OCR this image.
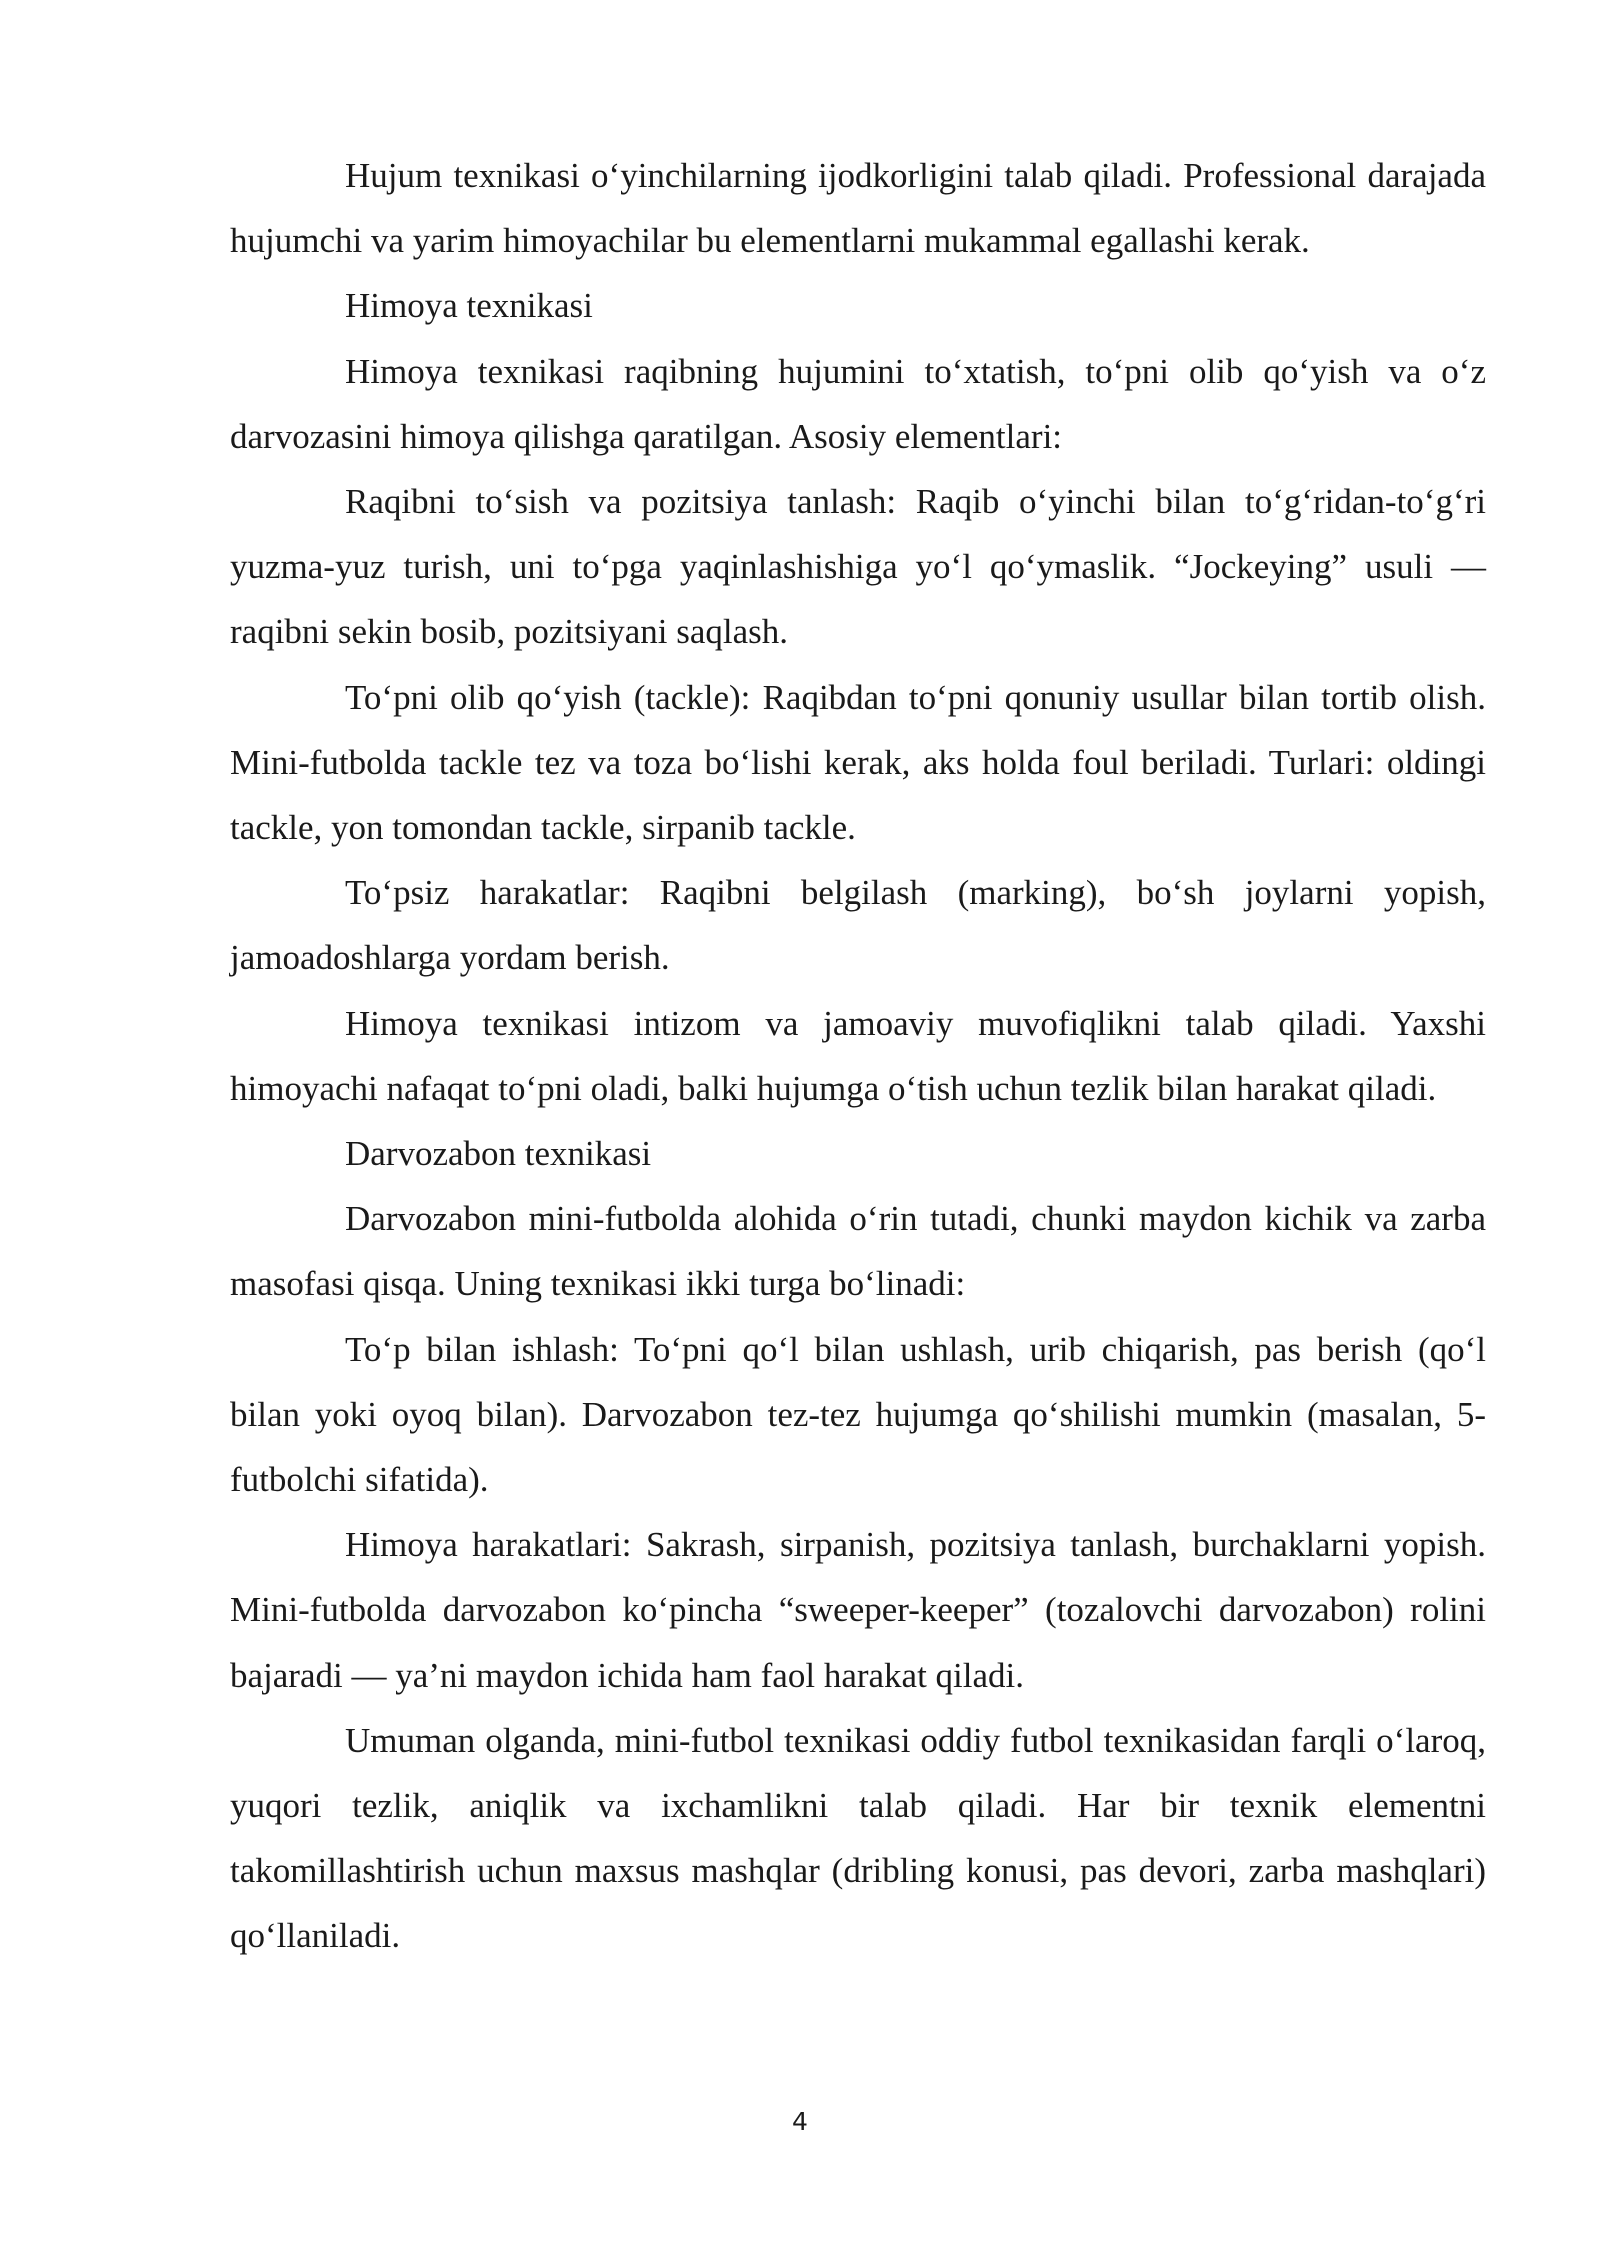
Hujum texnikasi o‘yinchilarning ijodkorligini talab qiladi. Professional darajada hujumchi va yarim himoyachilar bu elementlarni mukammal egallashi kerak.

Himoya texnikasi

Himoya texnikasi raqibning hujumini to‘xtatish, to‘pni olib qo‘yish va o‘z darvozasini himoya qilishga qaratilgan. Asosiy elementlari:

Raqibni to‘sish va pozitsiya tanlash: Raqib o‘yinchi bilan to‘g‘ridan-to‘g‘ri yuzma-yuz turish, uni to‘pga yaqinlashishiga yo‘l qo‘ymaslik. “Jockeying” usuli — raqibni sekin bosib, pozitsiyani saqlash.

To‘pni olib qo‘yish (tackle): Raqibdan to‘pni qonuniy usullar bilan tortib olish. Mini-futbolda tackle tez va toza bo‘lishi kerak, aks holda foul beriladi. Turlari: oldingi tackle, yon tomondan tackle, sirpanib tackle.

To‘psiz harakatlar: Raqibni belgilash (marking), bo‘sh joylarni yopish, jamoadoshlarga yordam berish.

Himoya texnikasi intizom va jamoaviy muvofiqlikni talab qiladi. Yaxshi himoyachi nafaqat to‘pni oladi, balki hujumga o‘tish uchun tezlik bilan harakat qiladi.

Darvozabon texnikasi

Darvozabon mini-futbolda alohida o‘rin tutadi, chunki maydon kichik va zarba masofasi qisqa. Uning texnikasi ikki turga bo‘linadi:

To‘p bilan ishlash: To‘pni qo‘l bilan ushlash, urib chiqarish, pas berish (qo‘l bilan yoki oyoq bilan). Darvozabon tez-tez hujumga qo‘shilishi mumkin (masalan, 5-futbolchi sifatida).

Himoya harakatlari: Sakrash, sirpanish, pozitsiya tanlash, burchaklarni yopish. Mini-futbolda darvozabon ko‘pincha “sweeper-keeper” (tozalovchi darvozabon) rolini bajaradi — ya’ni maydon ichida ham faol harakat qiladi.

Umuman olganda, mini-futbol texnikasi oddiy futbol texnikasidan farqli o‘laroq, yuqori tezlik, aniqlik va ixchamlikni talab qiladi. Har bir texnik elementni takomillashtirish uchun maxsus mashqlar (dribling konusi, pas devori, zarba mashqlari) qo‘llaniladi.

4
